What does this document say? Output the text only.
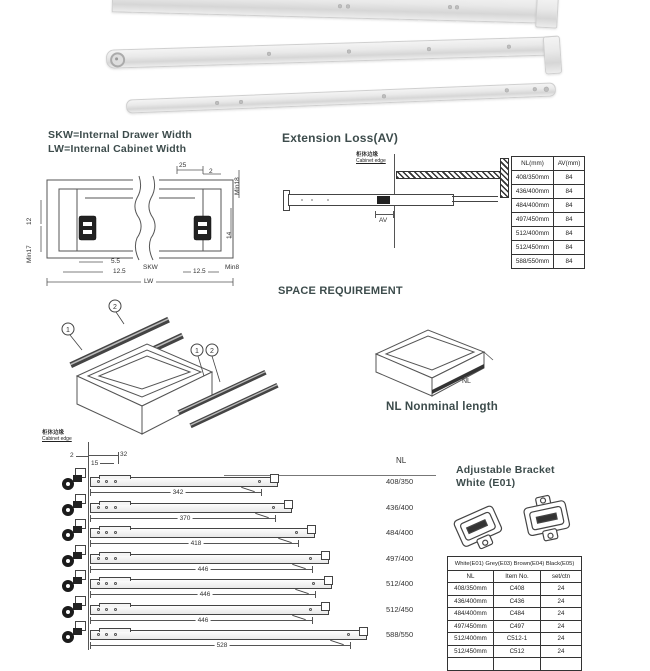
SKW=Internal Drawer Width
LW=Internal Cabinet Width
25
2
Min18
12
Min17
14
5.5
SKW	Min8
12.5	12.5
LW
Extension Loss(AV)
柜体边缘
Cabinet edge
AV
NL(mm)	AV(mm)
408/350mm	84
436/400mm	84
484/400mm	84
497/450mm	84
512/400mm	84
512/450mm	84
588/550mm	84
SPACE REQUIREMENT
1
2
1 2
NL
NL Nonminal length
柜体边缘
Cabinet edge
2
15
32
NL
342
408/350
370
436/400
418
484/400
446
497/400
446
512/400
446
512/450
528
588/550
Adjustable Bracket
White (E01)
White(E01) Grey(E03) Brown(E04) Black(E05)		
NL	Item No.	set/ctn
408/350mm	C408	24
436/400mm	C436	24
484/400mm	C484	24
497/450mm	C497	24
512/400mm	C512-1	24
512/450mm	C512	24
